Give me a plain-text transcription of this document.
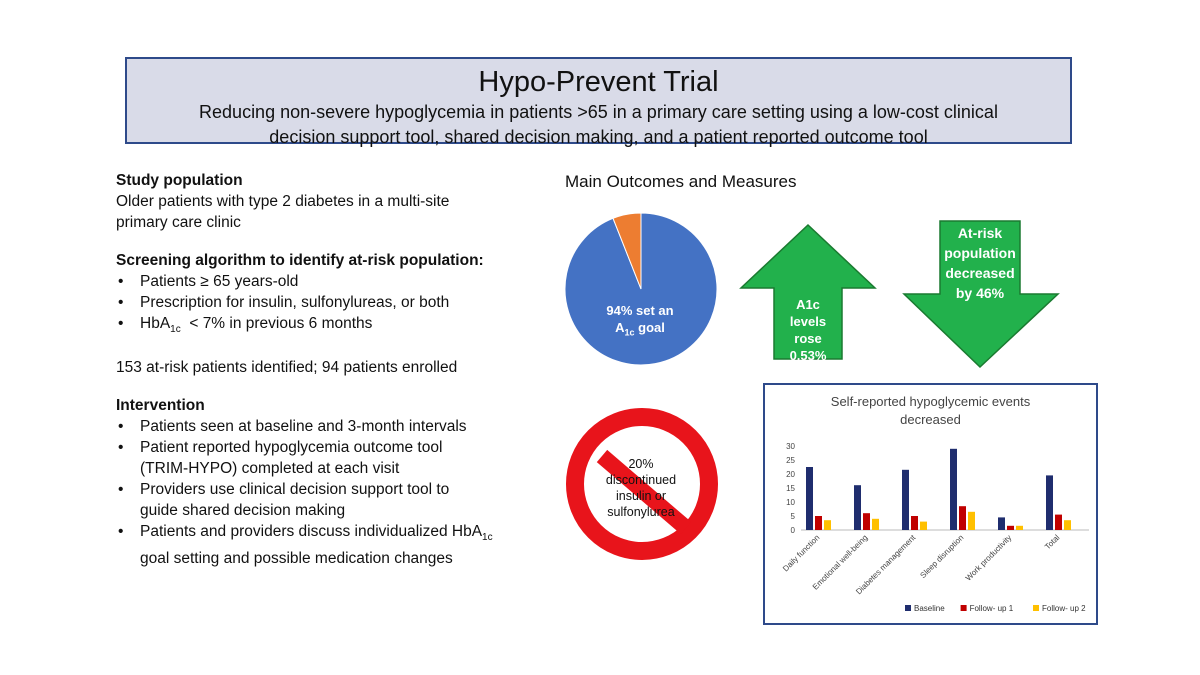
Hypo-Prevent Trial
Reducing non-severe hypoglycemia in patients >65 in a primary care setting using a low-cost clinical
decision support tool, shared decision making, and a patient reported outcome tool
Study population

Older patients with type 2 diabetes in a multi-site

primary care clinic

Screening algorithm to identify at-risk population:
• Patients ≥ 65 years-old
• Prescription for insulin, sulfonylureas, or both
• HbA$_{1c}$  < 7% in previous 6 months

153 at-risk patients identified; 94 patients enrolled

Intervention
• Patients seen at baseline and 3-month intervals
• Patient reported hypoglycemia outcome tool
(TRIM-HYPO) completed at each visit
• Providers use clinical decision support tool to
guide shared decision making
• Patients and providers discuss individualized HbA$_{1c}$
goal setting and possible medication changes
Main Outcomes and Measures
94% set an
$A_{1c}$ goal
A1c
levels
rose
0.53%
At-risk
population
decreased
by 46%
20%
discontinued
insulin or
sulfonylurea
Self-reported hypoglycemic events
decreased
0
5
10
15
20
25
30
Daily function
Emotional well-being
Diabetes management Sleep disruption
Work productivity	Total
Baseline	Follow- up 1	Follow- up 2
